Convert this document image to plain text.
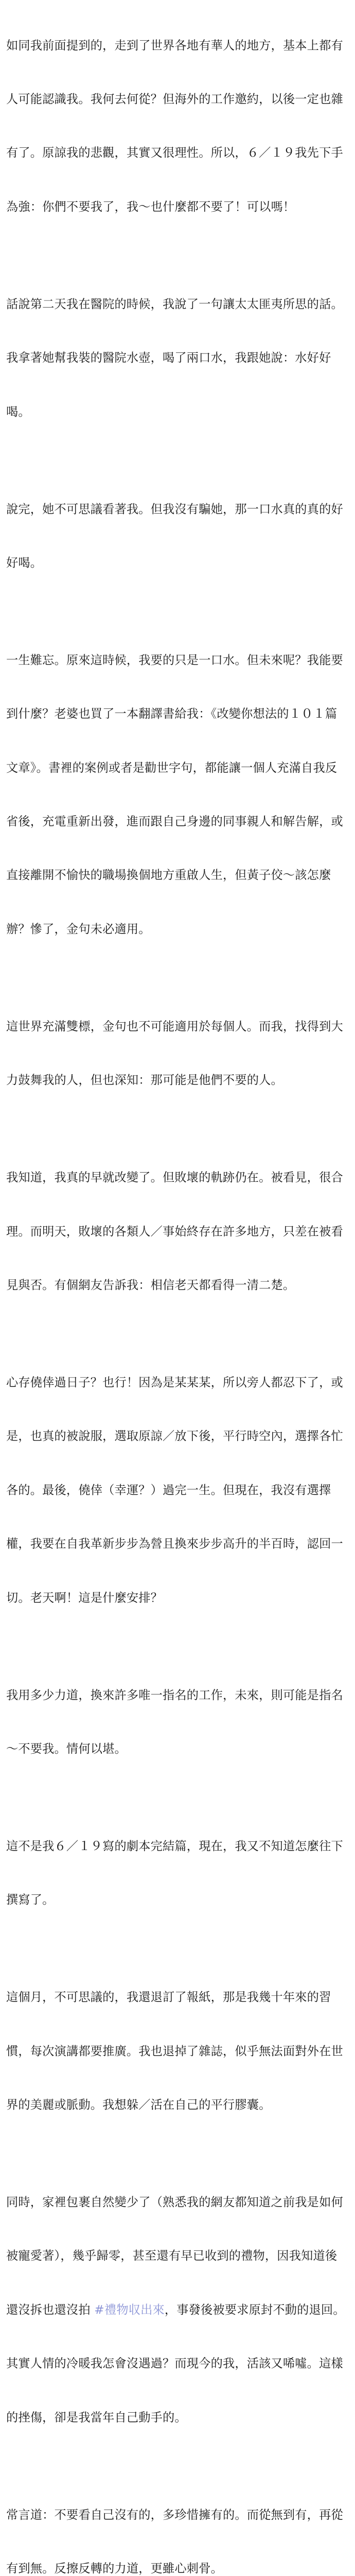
如同我前面提到的，走到了世界各地有華人的地方，基本上都有

人可能認識我。我何去何從？但海外的工作邀約，以後一定也雜

有了。原諒我的悲觀，其實又很理性。所以，６／１９我先下手

為強：你們不要我了，我～也什麼都不要了！可以嗎！

話說第二天我在醫院的時候，我說了一句讓太太匪夷所思的話。

我拿著她幫我裝的醫院水壺，喝了兩口水，我跟她說：水好好

喝。

說完，她不可思議看著我。但我沒有騙她，那一口水真的真的好

好喝。

一生難忘。原來這時候，我要的只是一口水。但未來呢？我能要

到什麼？老婆也買了一本翻譯書給我：《改變你想法的１０１篇

文章》。書裡的案例或者是勸世字句，都能讓一個人充滿自我反

省後，充電重新出發，進而跟自己身邊的同事親人和解告解，或

直接離開不愉快的職場換個地方重啟人生，但黃子佼～該怎麼

辦？慘了，金句未必適用。

這世界充滿雙標，金句也不可能適用於每個人。而我，找得到大

力鼓舞我的人，但也深知：那可能是他們不要的人。

我知道，我真的早就改變了。但敗壞的軌跡仍在。被看見，很合

理。而明天，敗壞的各類人／事始終存在許多地方，只差在被看

見與否。有個網友告訴我：相信老天都看得一清二楚。

心存僥倖過日子？也行！因為是某某某，所以旁人都忍下了，或

是，也真的被說服，選取原諒／放下後，平行時空內，選擇各忙

各的。最後，僥倖（幸運？）過完一生。但現在，我沒有選擇

權，我要在自我革新步步為營且換來步步高升的半百時，認回一

切。老天啊！這是什麼安排？

我用多少力道，換來許多唯一指名的工作，未來，則可能是指名

～不要我。情何以堪。

這不是我６／１９寫的劇本完結篇，現在，我又不知道怎麼往下

撰寫了。

這個月，不可思議的，我還退訂了報紙，那是我幾十年來的習

慣，每次演講都要推廣。我也退掉了雜誌，似乎無法面對外在世

界的美麗或脈動。我想躲／活在自己的平行膠囊。

同時，家裡包裹自然變少了（熟悉我的網友都知道之前我是如何

被寵愛著），幾乎歸零，甚至還有早已收到的禮物，因我知道後

還沒拆也還沒拍 #禮物収出來，事發後被要求原封不動的退回。

其實人情的冷暖我怎會沒遇過？而現今的我，活該又唏噓。這樣

的挫傷，卻是我當年自己動手的。

常言道：不要看自己沒有的，多珍惜擁有的。而從無到有，再從

有到無。反擦反轉的力道，更雖心刺骨。
